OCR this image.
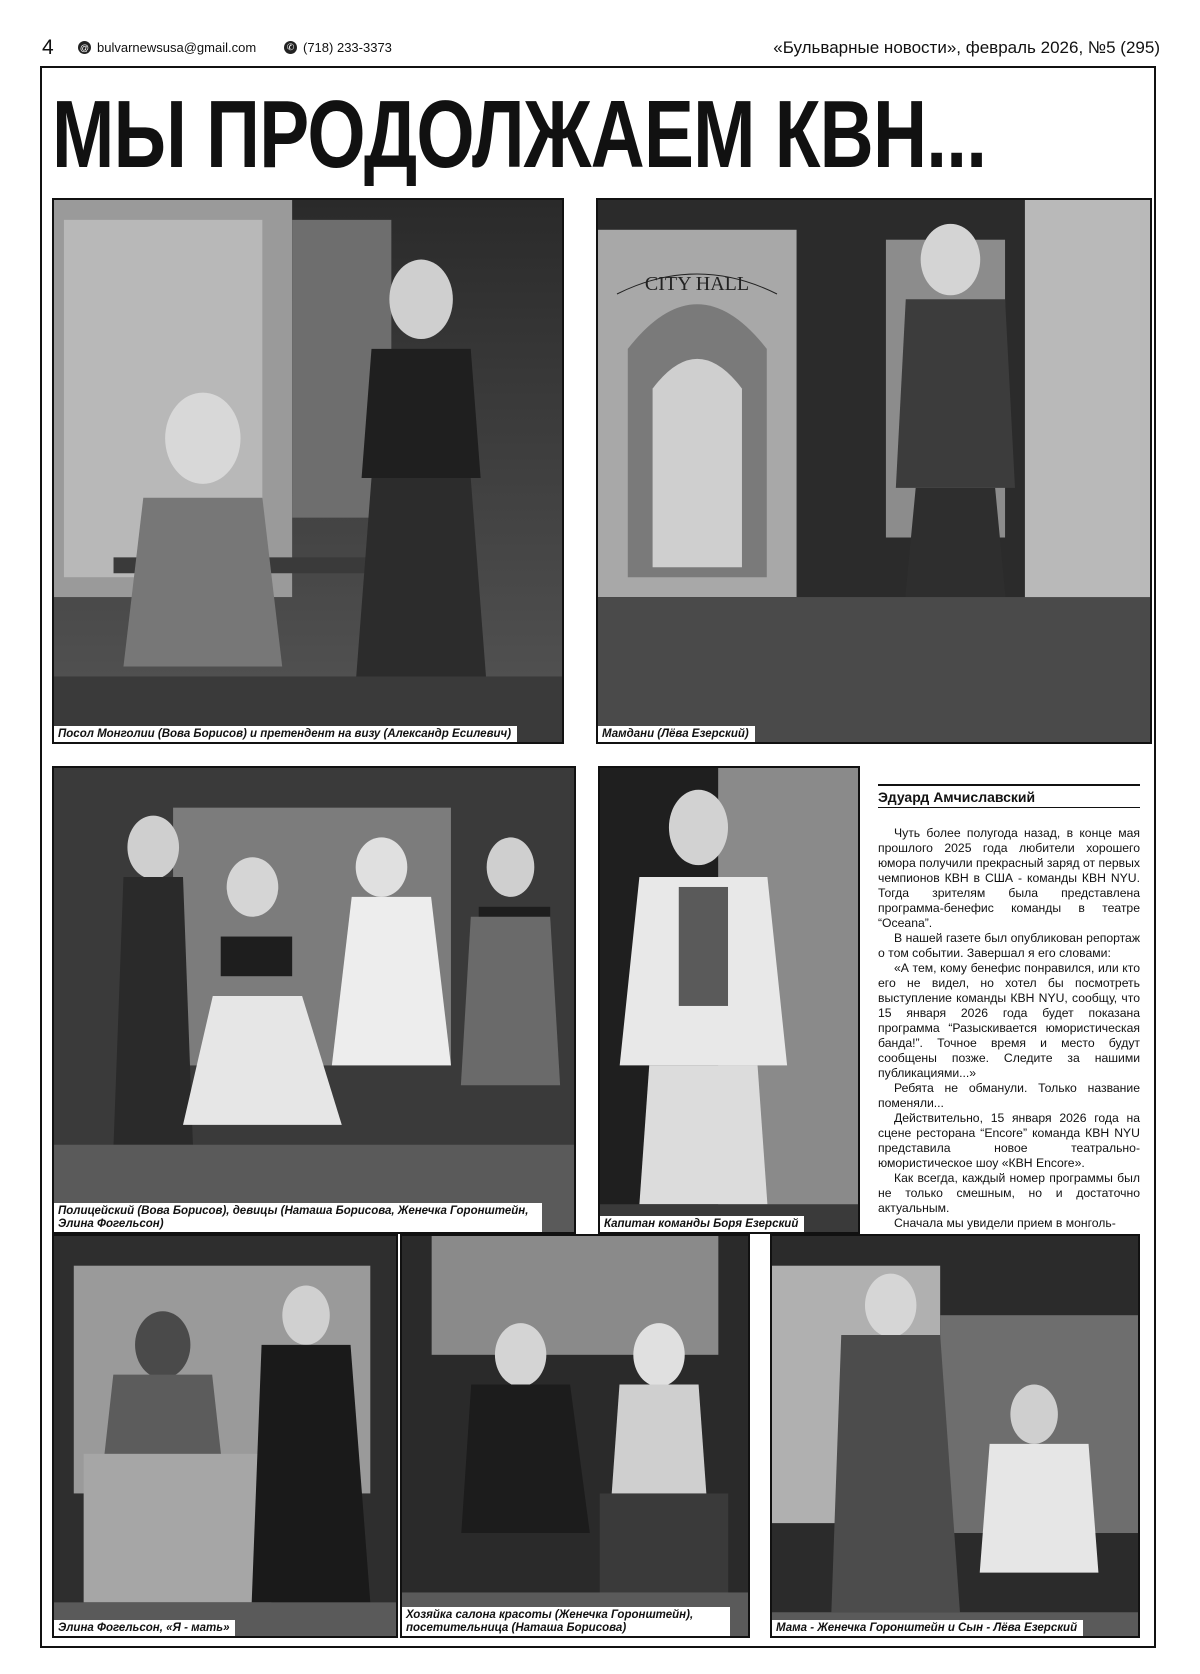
4	@ bulvarnewsusa@gmail.com	✆ (718) 233-3373	«Бульварные новости», февраль 2026, №5 (295)
МЫ ПРОДОЛЖАЕМ КВН...
Посол Монголии (Вова Борисов) и претендент на визу (Александр Есилевич)
CITY HALL
Мамдани (Лёва Езерский)
Полицейский (Вова Борисов), девицы (Наташа Борисова, Женечка Горонштейн, Элина Фогельсон)	Капитан команды Боря Езерский
Элина Фогельсон, «Я - мать»
Хозяйка салона красоты (Женечка Горонштейн), посетительница (Наташа Борисова)	Мама - Женечка Горонштейн и Сын - Лёва Езерский
Эдуард Амчиславский

Чуть более полугода назад, в конце мая прошлого 2025 года любители хорошего юмора получили прекрасный заряд от первых чемпионов КВН в США - команды КВН NYU. Тогда зрителям была представлена программа-бенефис команды в театре “Oceana”.

В нашей газете был опубликован репортаж о том событии. Завершал я его словами:

«А тем, кому бенефис понравился, или кто его не видел, но хотел бы посмотреть выступление команды КВН NYU, сообщу, что 15 января 2026 года будет показана программа “Разыскивается юмористическая банда!”. Точное время и место будут сообщены позже. Следите за нашими публикациями...»

Ребята не обманули. Только название поменяли...

Действительно, 15 января 2026 года на сцене ресторана “Encore” команда КВН NYU представила новое театрально-юмористическое шоу «КВН Encore».

Как всегда, каждый номер программы был не только смешным, но и достаточно актуальным.

Сначала мы увидели прием в монголь-
